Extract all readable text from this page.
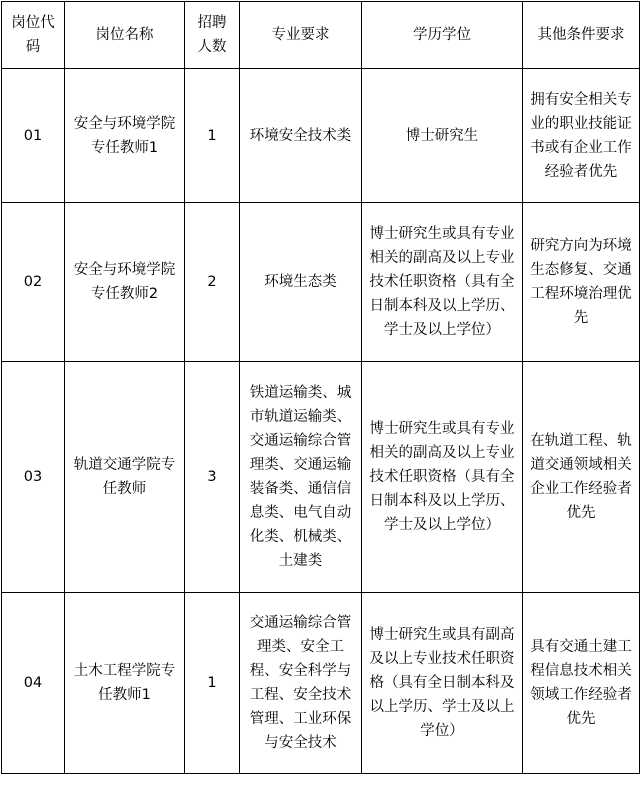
岗位代码	岗位名称	招聘人数	专业要求	学历学位	其他条件要求
01	安全与环境学院专任教师1	1	环境安全技术类	博士研究生	拥有安全相关专业的职业技能证书或有企业工作经验者优先
02	安全与环境学院专任教师2	2	环境生态类	博士研究生或具有专业相关的副高及以上专业技术任职资格（具有全日制本科及以上学历、学士及以上学位）	研究方向为环境生态修复、交通工程环境治理优先
03	轨道交通学院专任教师	3	铁道运输类、城市轨道运输类、交通运输综合管理类、交通运输装备类、通信信息类、电气自动化类、机械类、土建类	博士研究生或具有专业相关的副高及以上专业技术任职资格（具有全日制本科及以上学历、学士及以上学位）	在轨道工程、轨道交通领域相关企业工作经验者优先
04	土木工程学院专任教师1	1	交通运输综合管理类、安全工程、安全科学与工程、安全技术管理、工业环保与安全技术	博士研究生或具有副高及以上专业技术任职资格（具有全日制本科及以上学历、学士及以上学位）	具有交通土建工程信息技术相关领域工作经验者优先
